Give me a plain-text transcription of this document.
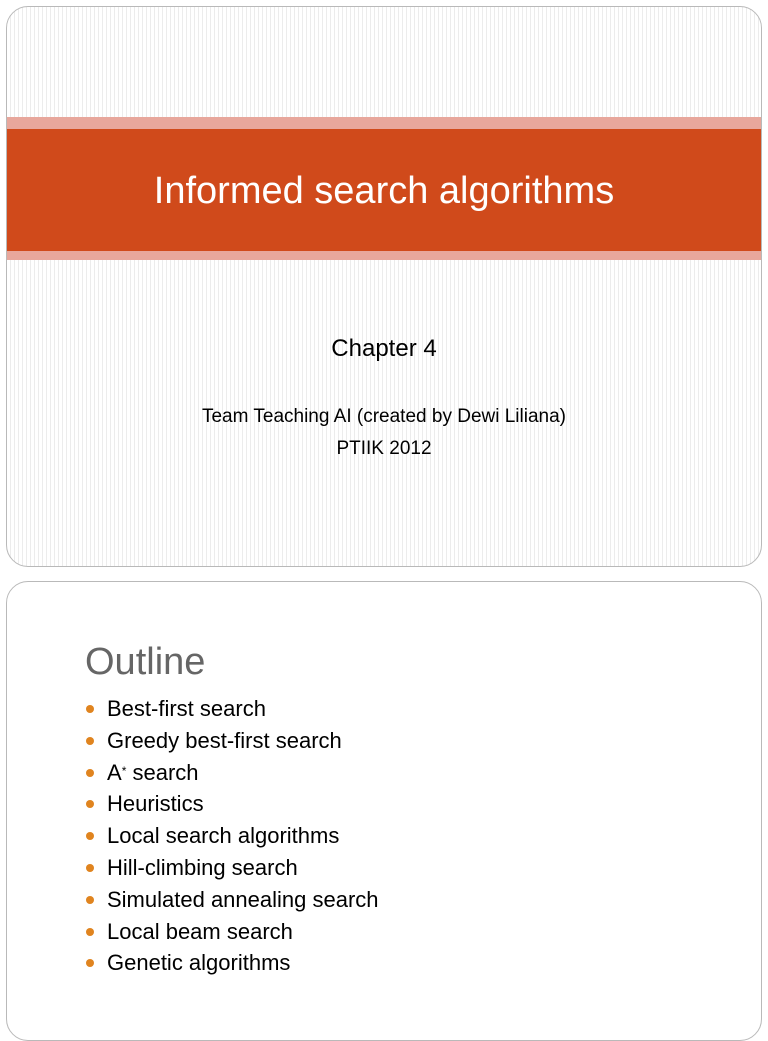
Informed search algorithms
Chapter 4
Team Teaching AI (created by Dewi Liliana)
PTIIK 2012
Outline
Best-first search
Greedy best-first search
A* search
Heuristics
Local search algorithms
Hill-climbing search
Simulated annealing search
Local beam search
Genetic algorithms
